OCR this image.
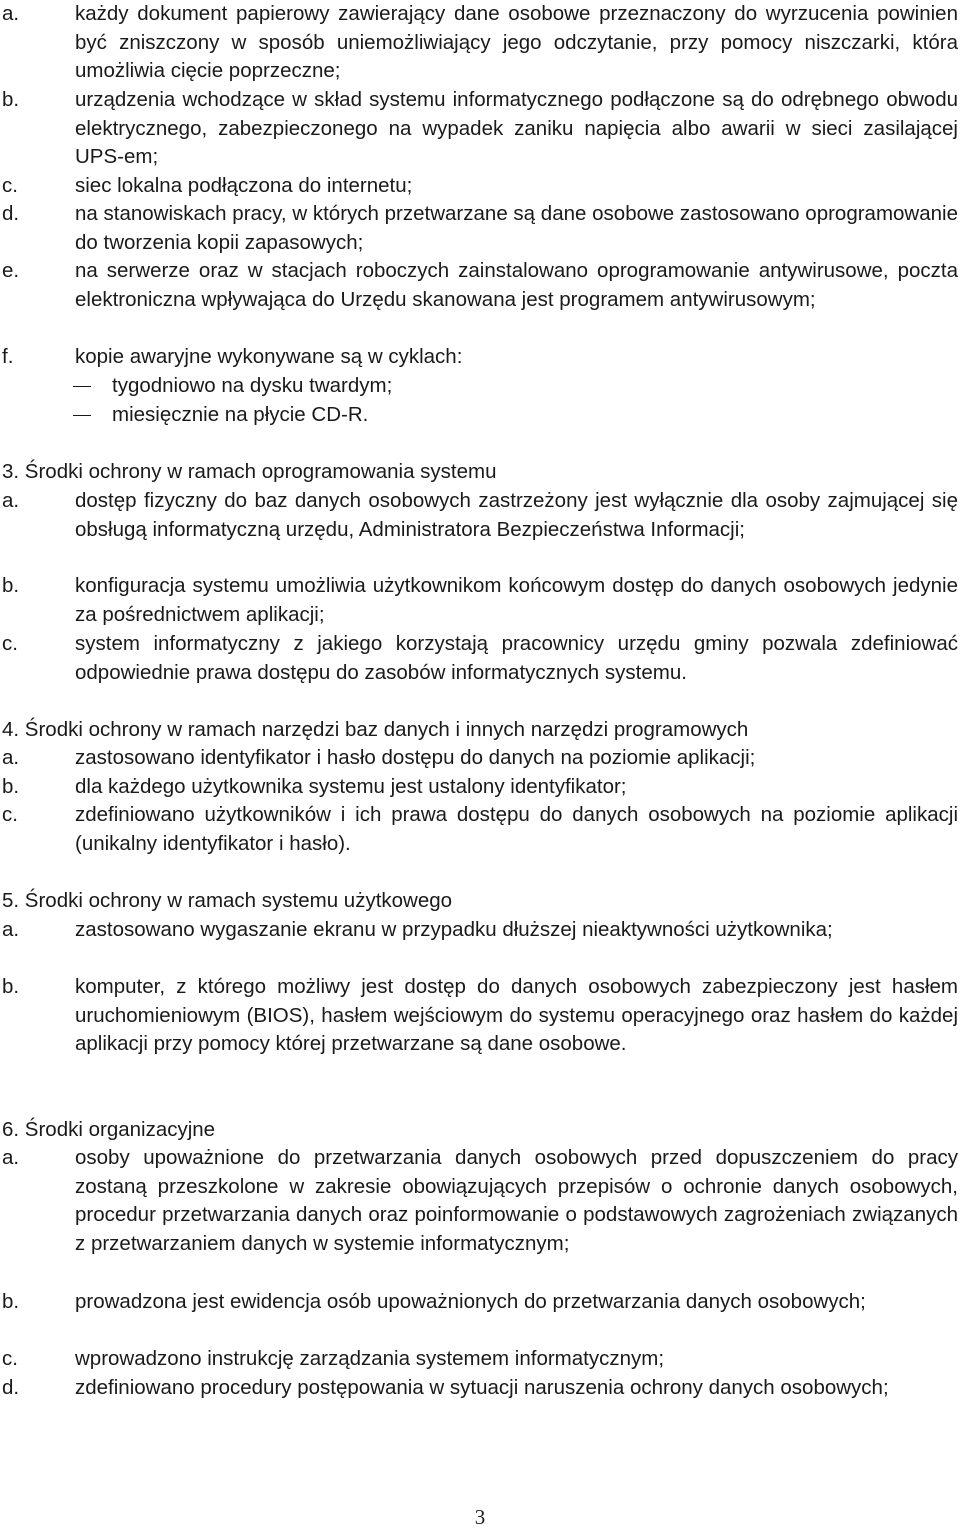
a.	każdy dokument papierowy zawierający dane osobowe przeznaczony do wyrzucenia powinien być zniszczony w sposób uniemożliwiający jego odczytanie, przy pomocy niszczarki, która umożliwia cięcie poprzeczne;
b.	urządzenia wchodzące w skład systemu informatycznego podłączone są do odrębnego obwodu elektrycznego, zabezpieczonego na wypadek zaniku napięcia albo awarii w sieci zasilającej UPS-em;
c.	siec lokalna podłączona do internetu;
d.	na stanowiskach pracy, w których przetwarzane są dane osobowe zastosowano oprogramowanie do tworzenia kopii zapasowych;
e.	na serwerze oraz w stacjach roboczych zainstalowano oprogramowanie antywirusowe, poczta elektroniczna wpływająca do Urzędu skanowana jest programem antywirusowym;
f.	kopie awaryjne wykonywane są w cyklach:
tygodniowo na dysku twardym;
miesięcznie na płycie CD-R.
3. Środki ochrony w ramach oprogramowania systemu
a.	dostęp fizyczny do baz danych osobowych zastrzeżony jest wyłącznie dla osoby zajmującej się obsługą informatyczną urzędu, Administratora Bezpieczeństwa Informacji;
b.	konfiguracja systemu umożliwia użytkownikom końcowym dostęp do danych osobowych jedynie za pośrednictwem aplikacji;
c.	system informatyczny z jakiego korzystają pracownicy urzędu gminy pozwala zdefiniować odpowiednie prawa dostępu do zasobów informatycznych systemu.
4. Środki ochrony w ramach narzędzi baz danych i innych narzędzi programowych
a.	zastosowano identyfikator i hasło dostępu do danych na poziomie aplikacji;
b.	dla każdego użytkownika systemu jest ustalony identyfikator;
c.	zdefiniowano użytkowników i ich prawa dostępu do danych osobowych na poziomie aplikacji (unikalny identyfikator i hasło).
5. Środki ochrony w ramach systemu użytkowego
a.	zastosowano wygaszanie ekranu w przypadku dłuższej nieaktywności użytkownika;
b.	komputer, z którego możliwy jest dostęp do danych osobowych zabezpieczony jest hasłem uruchomieniowym (BIOS), hasłem wejściowym do systemu operacyjnego oraz hasłem do każdej aplikacji przy pomocy której przetwarzane są dane osobowe.
6. Środki organizacyjne
a.	osoby upoważnione do przetwarzania danych osobowych przed dopuszczeniem do pracy zostaną przeszkolone w zakresie obowiązujących przepisów o ochronie danych osobowych, procedur przetwarzania danych oraz poinformowanie o podstawowych zagrożeniach związanych z przetwarzaniem danych w systemie informatycznym;
b.	prowadzona jest ewidencja osób upoważnionych do przetwarzania danych osobowych;
c.	wprowadzono instrukcję zarządzania systemem informatycznym;
d.	zdefiniowano procedury postępowania w sytuacji naruszenia ochrony danych osobowych;
3
